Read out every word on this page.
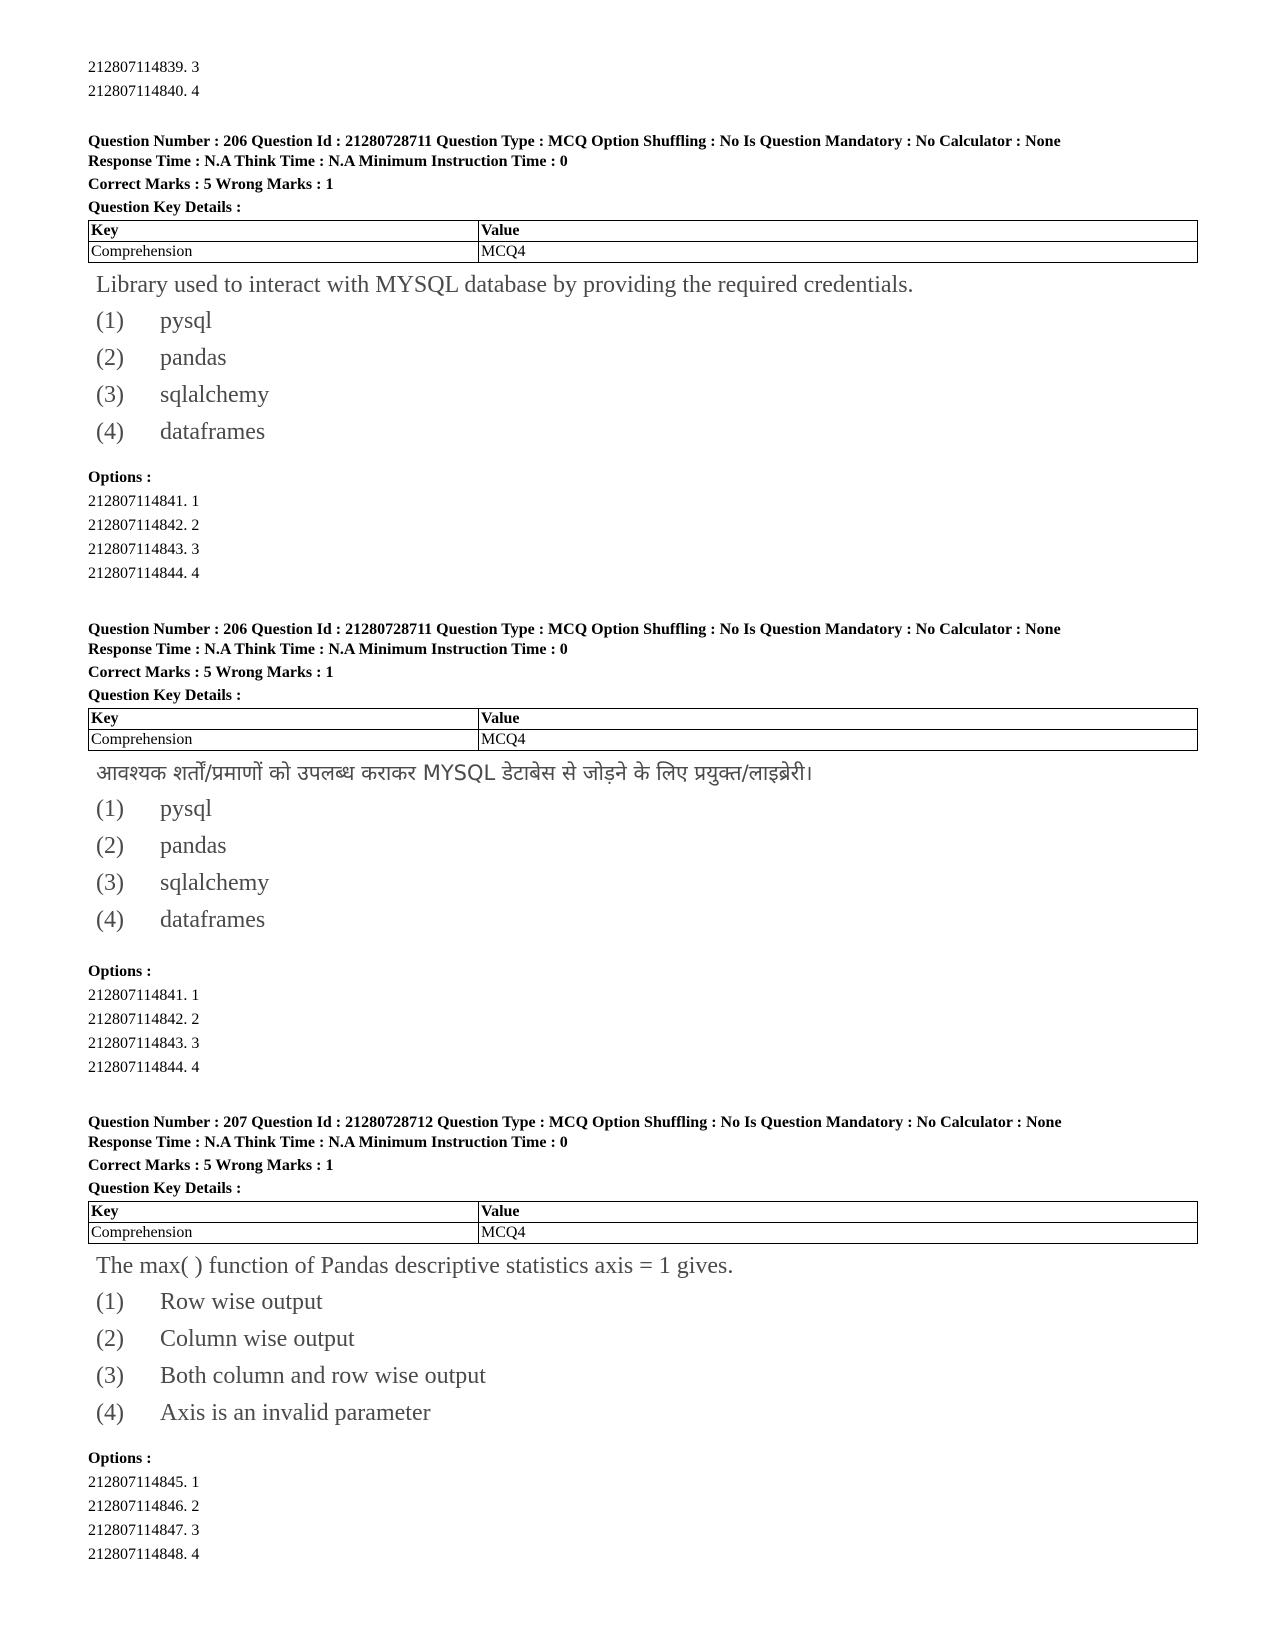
212807114839. 3
212807114840. 4
Question Number : 206 Question Id : 21280728711 Question Type : MCQ Option Shuffling : No Is Question Mandatory : No Calculator : None
Response Time : N.A Think Time : N.A Minimum Instruction Time : 0
Correct Marks : 5 Wrong Marks : 1
Question Key Details :
Key	Value
Comprehension	MCQ4
Library used to interact with MYSQL database by providing the required credentials.
(1)	pysql
(2)	pandas
(3)	sqlalchemy
(4)	dataframes
Options :
212807114841. 1
212807114842. 2
212807114843. 3
212807114844. 4
Question Number : 206 Question Id : 21280728711 Question Type : MCQ Option Shuffling : No Is Question Mandatory : No Calculator : None
Response Time : N.A Think Time : N.A Minimum Instruction Time : 0
Correct Marks : 5 Wrong Marks : 1
Question Key Details :
Key	Value
Comprehension	MCQ4
आवश्यक शर्तों/प्रमाणों को उपलब्ध कराकर MYSQL डेटाबेस से जोड़ने के लिए प्रयुक्त/लाइब्रेरी।
(1)	pysql
(2)	pandas
(3)	sqlalchemy
(4)	dataframes
Options :
212807114841. 1
212807114842. 2
212807114843. 3
212807114844. 4
Question Number : 207 Question Id : 21280728712 Question Type : MCQ Option Shuffling : No Is Question Mandatory : No Calculator : None
Response Time : N.A Think Time : N.A Minimum Instruction Time : 0
Correct Marks : 5 Wrong Marks : 1
Question Key Details :
Key	Value
Comprehension	MCQ4
The max( ) function of Pandas descriptive statistics axis = 1 gives.
(1)	Row wise output
(2)	Column wise output
(3)	Both column and row wise output
(4)	Axis is an invalid parameter
Options :
212807114845. 1
212807114846. 2
212807114847. 3
212807114848. 4
